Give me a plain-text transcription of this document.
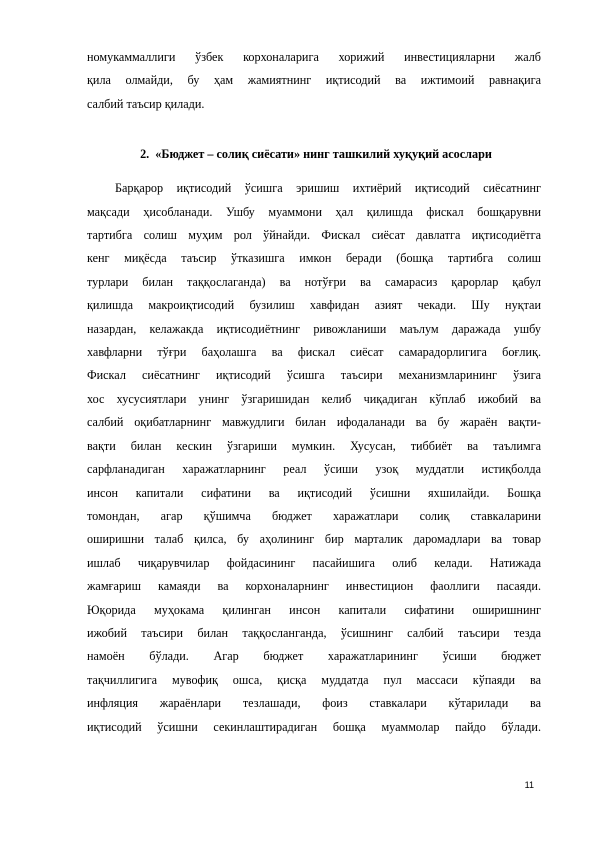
номукаммаллиги ўзбек корхоналарига хорижий инвестицияларни жалб
қила олмайди, бу ҳам жамиятнинг иқтисодий ва ижтимоий равнақига
салбий таъсир қилади.

2. «Бюджет – солиқ сиёсати» нинг ташкилий хуқуқий асослари

Барқарор иқтисодий ўсишга эришиш ихтиёрий иқтисодий сиёсатнинг
мақсади ҳисобланади. Ушбу муаммони ҳал қилишда фискал бошқарувни
тартибга солиш муҳим рол ўйнайди. Фискал сиёсат давлатга иқтисодиётга
кенг миқёсда таъсир ўтказишга имкон беради (бошқа тартибга солиш
турлари билан таққослаганда) ва нотўғри ва самарасиз қарорлар қабул
қилишда макроиқтисодий бузилиш хавфидан азият чекади. Шу нуқтаи
назардан, келажакда иқтисодиётнинг ривожланиши маълум даражада ушбу
хавфларни тўғри баҳолашга ва фискал сиёсат самарадорлигига боғлиқ.
Фискал сиёсатнинг иқтисодий ўсишга таъсири механизмларининг ўзига
хос хусусиятлари унинг ўзгаришидан келиб чиқадиган кўплаб ижобий ва
салбий оқибатларнинг мавжудлиги билан ифодаланади ва бу жараён вақти-
вақти билан кескин ўзгариши мумкин. Хусусан, тиббиёт ва таълимга
сарфланадиган харажатларнинг реал ўсиши узоқ муддатли истиқболда
инсон капитали сифатини ва иқтисодий ўсишни яхшилайди. Бошқа
томондан, агар қўшимча бюджет харажатлари солиқ ставкаларини
оширишни талаб қилса, бу аҳолининг бир марталик даромадлари ва товар
ишлаб чиқарувчилар фойдасининг пасайишига олиб келади. Натижада
жамғариш камаяди ва корхоналарнинг инвестицион фаоллиги пасаяди.
Юқорида муҳокама қилинган инсон капитали сифатини оширишнинг
ижобий таъсири билан таққосланганда, ўсишнинг салбий таъсири тезда
намоён бўлади. Агар бюджет харажатларининг ўсиши бюджет
тақчиллигига мувофиқ ошса, қисқа муддатда пул массаси кўпаяди ва
инфляция жараёнлари тезлашади, фоиз ставкалари кўтарилади ва
иқтисодий ўсишни секинлаштирадиган бошқа муаммолар пайдо бўлади.

11
